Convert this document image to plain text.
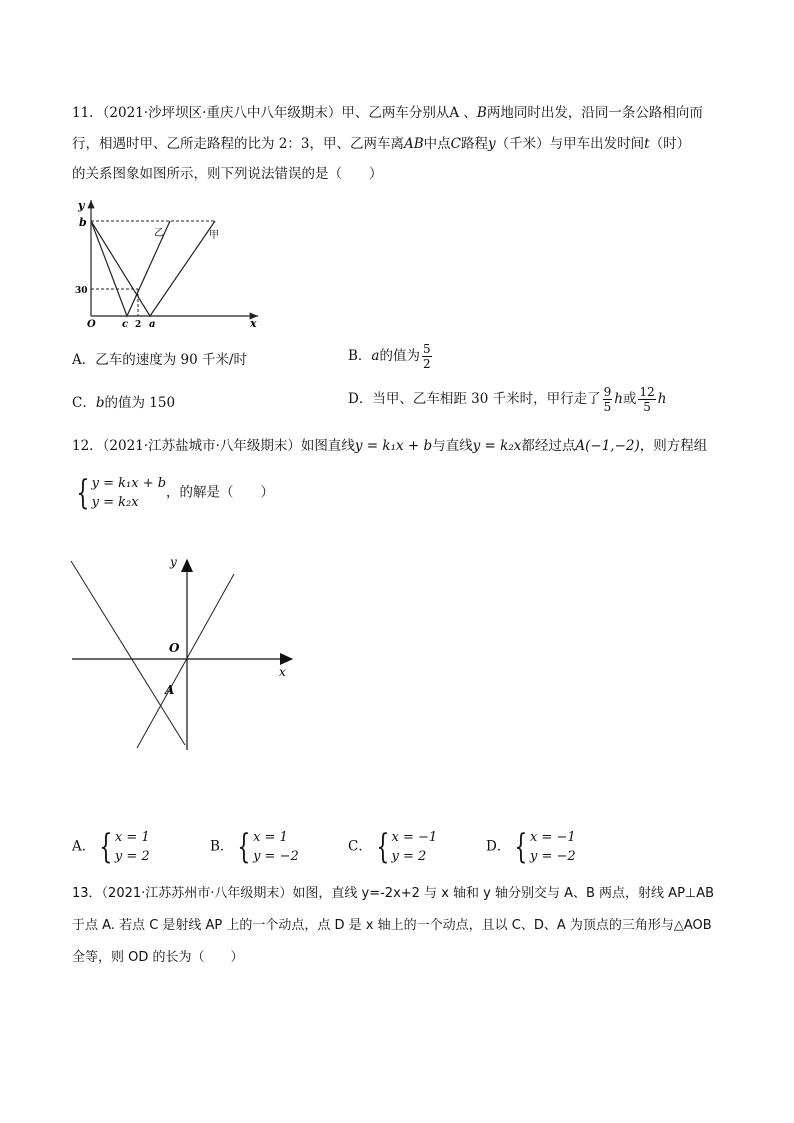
11．（2021·沙坪坝区·重庆八中八年级期末）甲、乙两车分别从A 、B两地同时出发，沿同一条公路相向而
行，相遇时甲、乙所走路程的比为 2：3，甲、乙两车离AB中点C路程y（千米）与甲车出发时间t（时）
的关系图象如图所示，则下列说法错误的是（　　）
y
b
30
O	c 2 a	x
乙	甲
A．乙车的速度为 90 千米/时	B．a的值为 $\frac{5}{2}$
C．b的值为 150	D．当甲、乙车相距 30 千米时，甲行走了 $\frac{9}{5}$ h或 $\frac{12}{5}$ h
12．（2021·江苏盐城市·八年级期末）如图直线y = k₁x + b与直线y = k₂x都经过点A(−1,−2)，则方程组
{ y = k₁x + b
y = k₂x
，的解是（　　）
y
O
A
x
A． { x = 1
y = 2
B． { x = 1
y = −2
C． { x = −1
y = 2
D． { x = −1
y = −2
13．（2021·江苏苏州市·八年级期末）如图，直线 y=-2x+2 与 x 轴和 y 轴分别交与 A、B 两点，射线 AP⊥AB
于点 A. 若点 C 是射线 AP 上的一个动点，点 D 是 x 轴上的一个动点，且以 C、D、A 为顶点的三角形与△AOB
全等，则 OD 的长为（　　）
